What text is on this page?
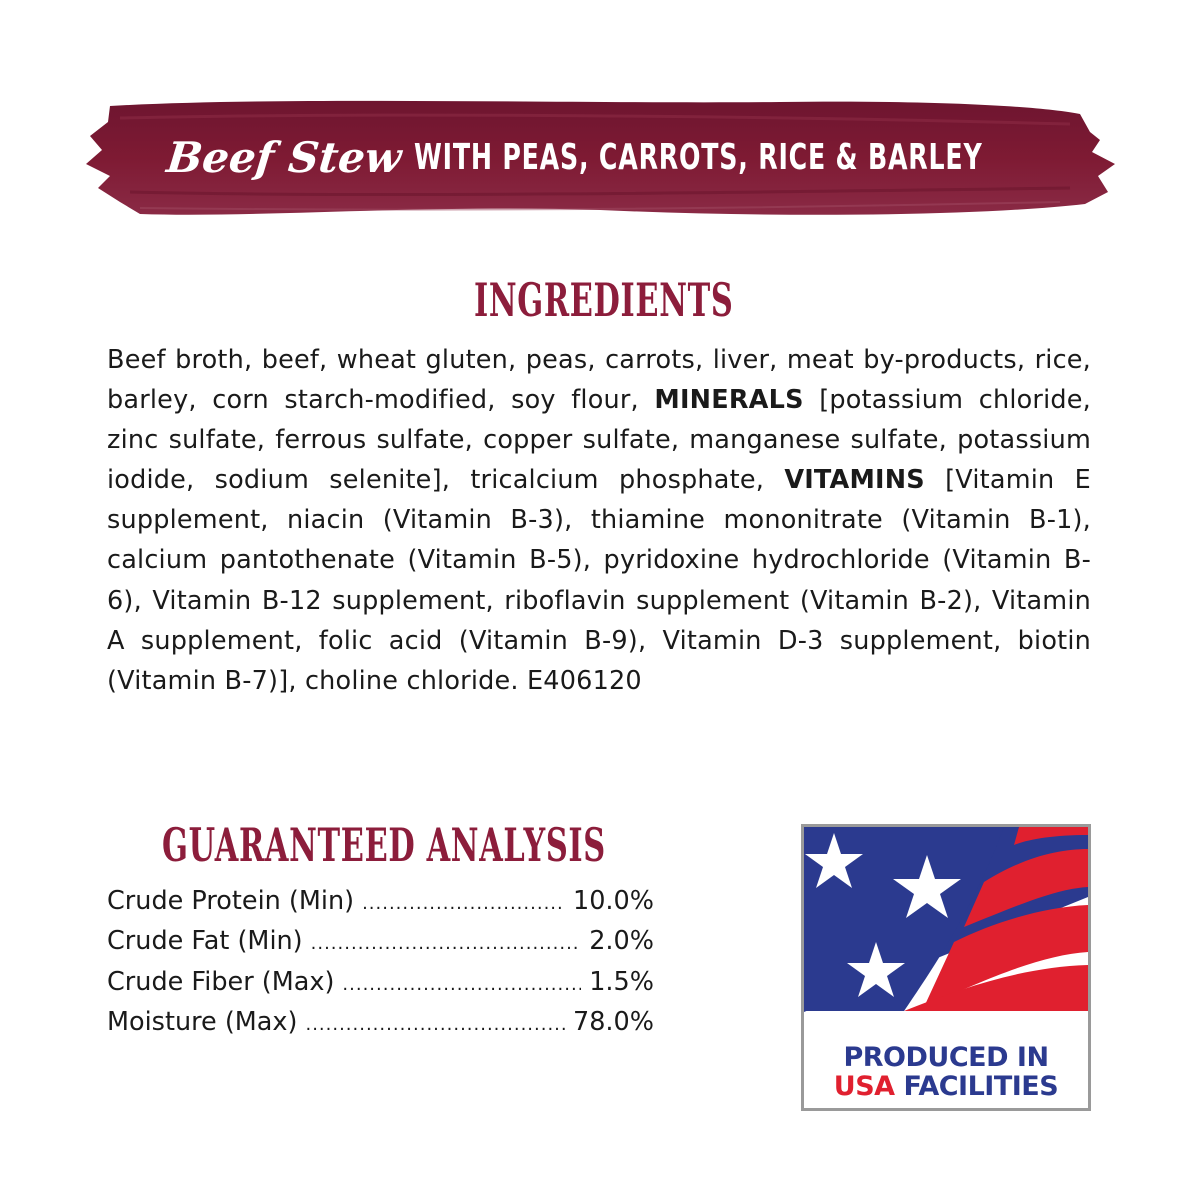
Beef Stew WITH PEAS, CARROTS, RICE & BARLEY
INGREDIENTS
Beef broth, beef, wheat gluten, peas, carrots, liver, meat by-products, rice, barley, corn starch-modified, soy flour, MINERALS [potassium chloride, zinc sulfate, ferrous sulfate, copper sulfate, manganese sulfate, potassium iodide, sodium selenite], tricalcium phosphate, VITAMINS [Vitamin E supplement, niacin (Vitamin B-3), thiamine mononitrate (Vitamin B-1), calcium pantothenate (Vitamin B-5), pyridoxine hydrochloride (Vitamin B-6), Vitamin B-12 supplement, riboflavin supplement (Vitamin B-2), Vitamin A supplement, folic acid (Vitamin B-9), Vitamin D-3 supplement, biotin (Vitamin B-7)], choline chloride. E406120
GUARANTEED ANALYSIS
Crude Protein (Min) .....	10.0%
Crude Fat (Min) .....	2.0%
Crude Fiber (Max) .....	1.5%
Moisture (Max) .....	78.0%
PRODUCED IN
USA FACILITIES
